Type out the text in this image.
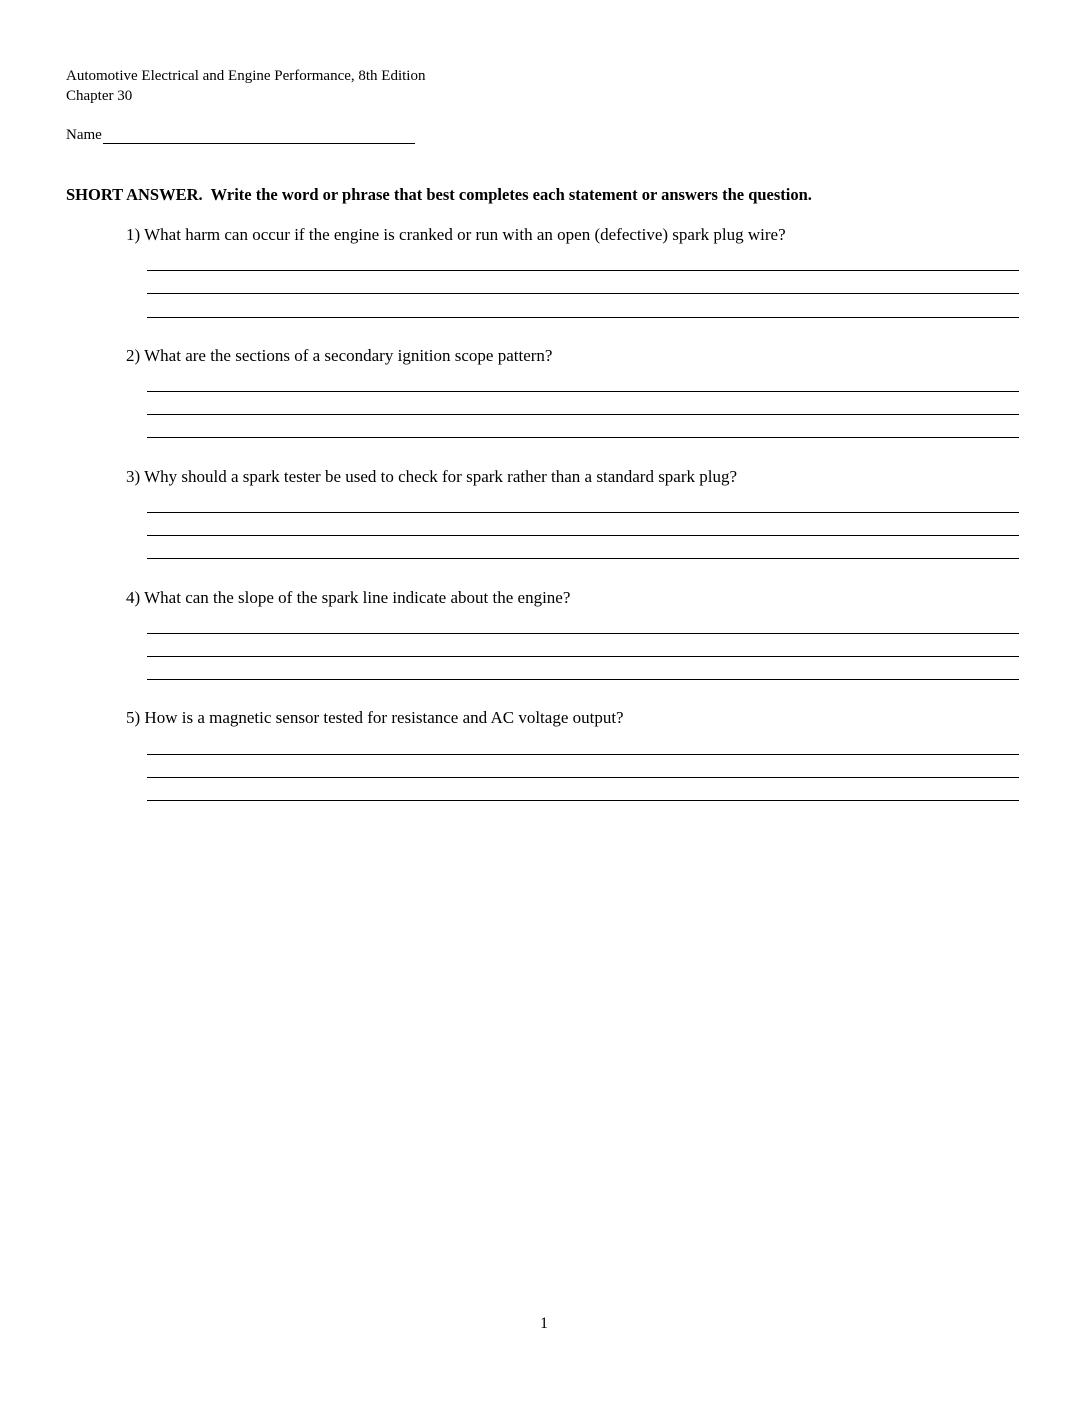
Automotive Electrical and Engine Performance, 8th Edition
Chapter 30
Name
SHORT ANSWER. Write the word or phrase that best completes each statement or answers the question.
1) What harm can occur if the engine is cranked or run with an open (defective) spark plug wire?
2) What are the sections of a secondary ignition scope pattern?
3) Why should a spark tester be used to check for spark rather than a standard spark plug?
4) What can the slope of the spark line indicate about the engine?
5) How is a magnetic sensor tested for resistance and AC voltage output?
1
